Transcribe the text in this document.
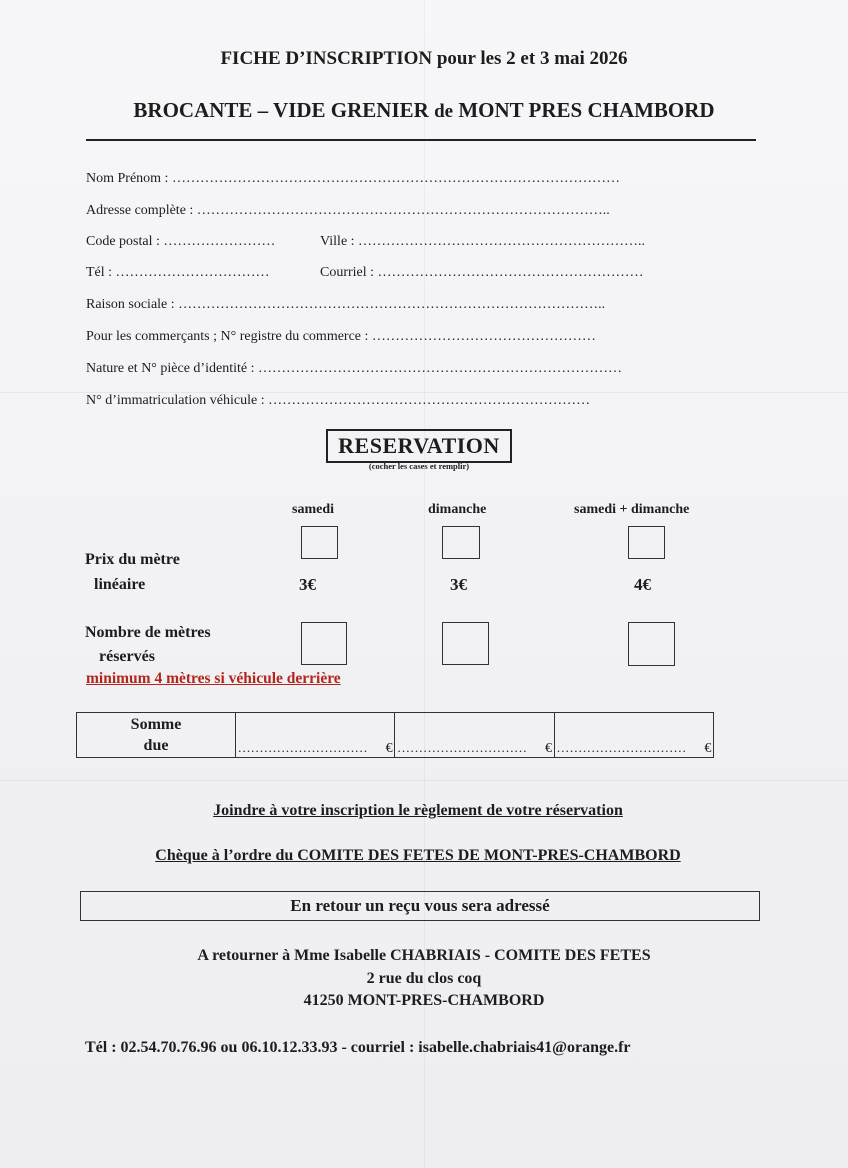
FICHE D’INSCRIPTION pour les 2 et 3 mai 2026
BROCANTE – VIDE GRENIER de MONT PRES CHAMBORD
Nom Prénom : ……………………………………………………………………………………
Adresse complète : ……………………………………………………………………………..
Code postal : ……………………	Ville : ……………………………………………………..
Tél : ……………………………	Courriel : …………………………………………………
Raison sociale : ………………………………………………………………………………..
Pour les commerçants ; N° registre du commerce : …………………………………………
Nature et N° pièce d’identité : ……………………………………………………………………
N° d’immatriculation véhicule : ……………………………………………………………
RESERVATION
(cocher les cases et remplir)
samedi	dimanche	samedi + dimanche
Prix du mètre
linéaire	3€	3€	4€
Nombre de mètres
réservés
minimum 4 mètres si véhicule derrière
Somme
due	………………………… €	………………………… €	………………………… €
Joindre à votre inscription le règlement de votre réservation
Chèque à l’ordre du COMITE DES FETES DE MONT-PRES-CHAMBORD
En retour un reçu vous sera adressé
A retourner à Mme Isabelle CHABRIAIS - COMITE DES FETES
2 rue du clos coq
41250 MONT-PRES-CHAMBORD
Tél : 02.54.70.76.96 ou 06.10.12.33.93 - courriel : isabelle.chabriais41@orange.fr
